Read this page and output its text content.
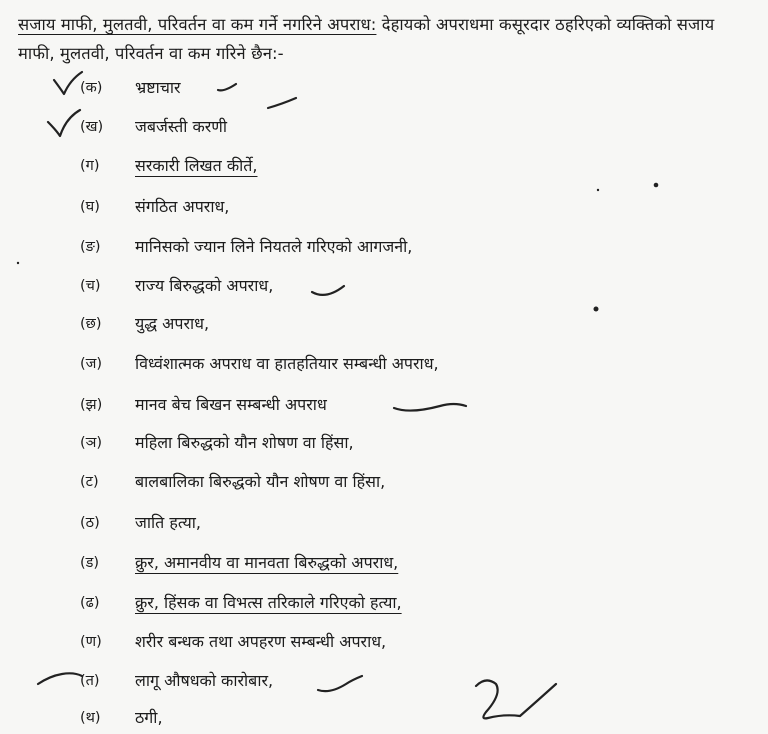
सजाय माफी, मुलतवी, परिवर्तन वा कम गर्ने नगरिने अपराध: देहायको अपराधमा कसूरदार ठहरिएको व्यक्तिको सजाय माफी, मुलतवी, परिवर्तन वा कम गरिने छैन:-
(क)	भ्रष्टाचार
(ख)	जबर्जस्ती करणी
(ग)	सरकारी लिखत कीर्ते,
(घ)	संगठित अपराध,
(ङ)	मानिसको ज्यान लिने नियतले गरिएको आगजनी,
(च)	राज्य बिरुद्धको अपराध,
(छ)	युद्ध अपराध,
(ज)	विध्वंशात्मक अपराध वा हातहतियार सम्बन्धी अपराध,
(झ)	मानव बेच बिखन सम्बन्धी अपराध
(ञ)	महिला बिरुद्धको यौन शोषण वा हिंसा,
(ट)	बालबालिका बिरुद्धको यौन शोषण वा हिंसा,
(ठ)	जाति हत्या,
(ड)	क्रुर, अमानवीय वा मानवता बिरुद्धको अपराध,
(ढ)	क्रुर, हिंसक वा विभत्स तरिकाले गरिएको हत्या,
(ण)	शरीर बन्धक तथा अपहरण सम्बन्धी अपराध,
(त)	लागू औषधको कारोबार,
(थ)	ठगी,
